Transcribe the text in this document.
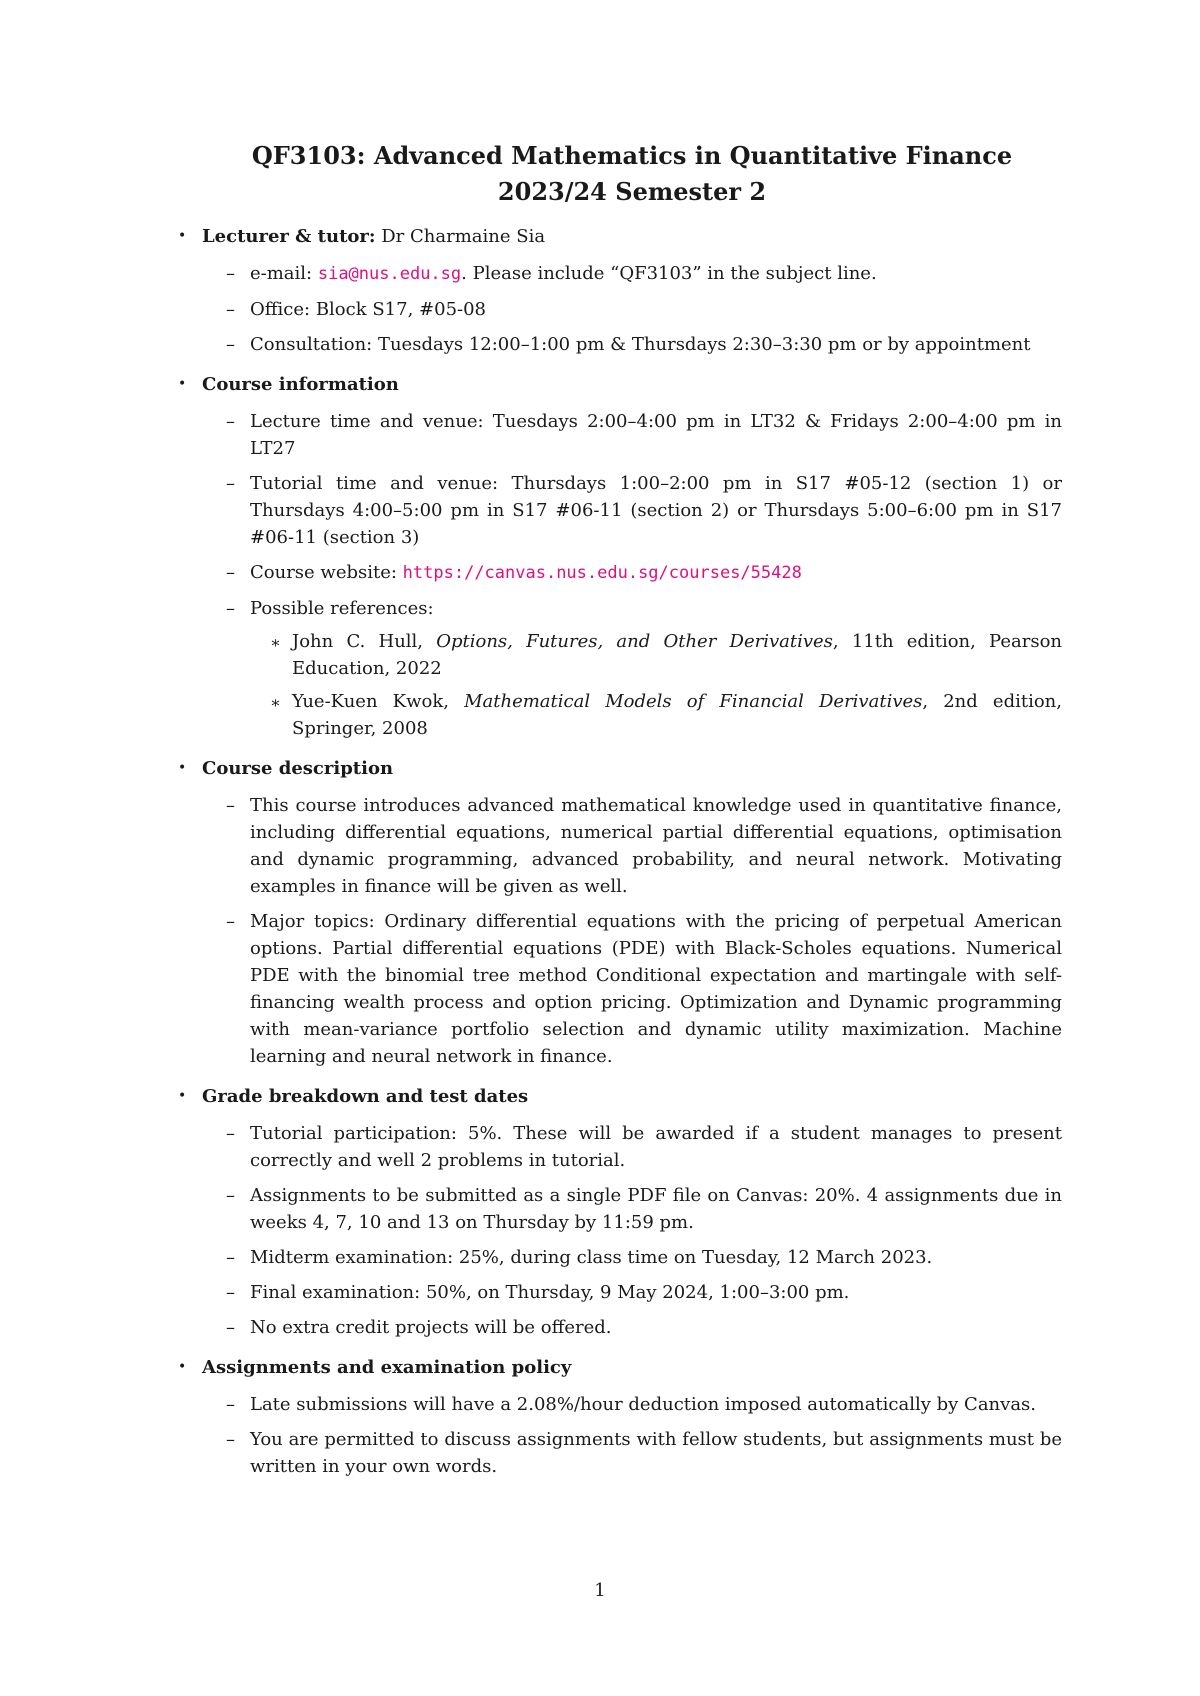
QF3103: Advanced Mathematics in Quantitative Finance
2023/24 Semester 2
• Lecturer & tutor: Dr Charmaine Sia
– e-mail: sia@nus.edu.sg. Please include “QF3103” in the subject line.
– Office: Block S17, #05-08
– Consultation: Tuesdays 12:00–1:00 pm & Thursdays 2:30–3:30 pm or by appointment
• Course information
– Lecture time and venue: Tuesdays 2:00–4:00 pm in LT32 & Fridays 2:00–4:00 pm in LT27
– Tutorial time and venue: Thursdays 1:00–2:00 pm in S17 #05-12 (section 1) or Thursdays 4:00–5:00 pm in S17 #06-11 (section 2) or Thursdays 5:00–6:00 pm in S17 #06-11 (section 3)
– Course website: https://canvas.nus.edu.sg/courses/55428
– Possible references:
∗ John C. Hull, Options, Futures, and Other Derivatives, 11th edition, Pearson Education, 2022
∗ Yue-Kuen Kwok, Mathematical Models of Financial Derivatives, 2nd edition, Springer, 2008
• Course description
– This course introduces advanced mathematical knowledge used in quantitative finance, including differential equations, numerical partial differential equations, optimisation and dynamic programming, advanced probability, and neural network. Motivating examples in finance will be given as well.
– Major topics: Ordinary differential equations with the pricing of perpetual American options. Partial differential equations (PDE) with Black-Scholes equations. Numerical PDE with the binomial tree method Conditional expectation and martingale with self-financing wealth process and option pricing. Optimization and Dynamic programming with mean-variance portfolio selection and dynamic utility maximization. Machine learning and neural network in finance.
• Grade breakdown and test dates
– Tutorial participation: 5%. These will be awarded if a student manages to present correctly and well 2 problems in tutorial.
– Assignments to be submitted as a single PDF file on Canvas: 20%. 4 assignments due in weeks 4, 7, 10 and 13 on Thursday by 11:59 pm.
– Midterm examination: 25%, during class time on Tuesday, 12 March 2023.
– Final examination: 50%, on Thursday, 9 May 2024, 1:00–3:00 pm.
– No extra credit projects will be offered.
• Assignments and examination policy
– Late submissions will have a 2.08%/hour deduction imposed automatically by Canvas.
– You are permitted to discuss assignments with fellow students, but assignments must be written in your own words.
1
